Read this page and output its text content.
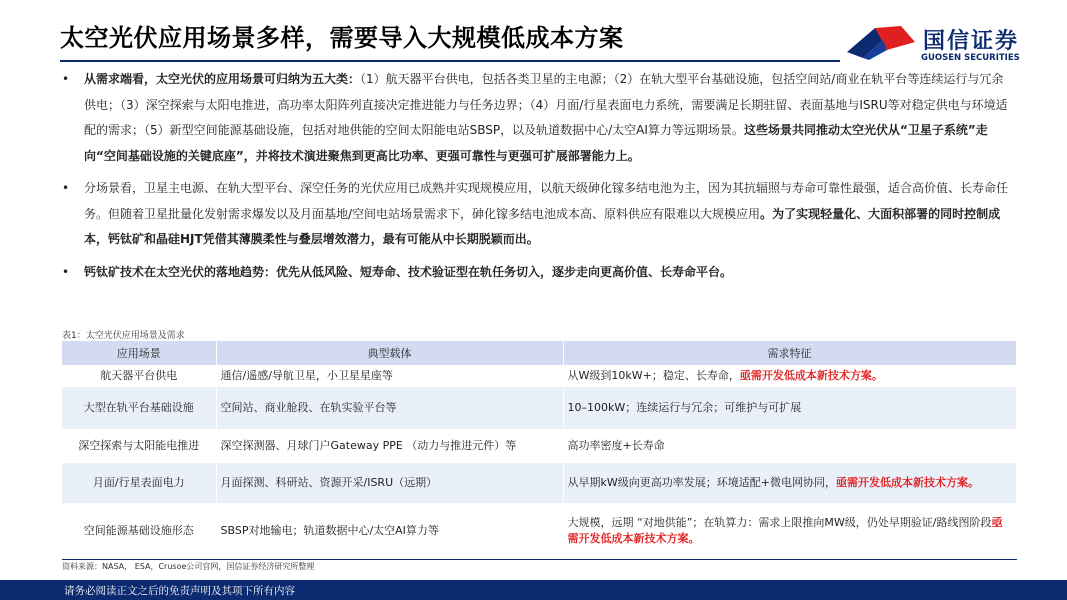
太空光伏应用场景多样，需要导入大规模低成本方案	国信证券
GUOSEN SECURITIES
• 从需求端看，太空光伏的应用场景可归纳为五大类：（1）航天器平台供电，包括各类卫星的主电源；（2）在轨大型平台基础设施，包括空间站/商业在轨平台等连续运行与冗余供电；（3）深空探索与太阳电推进，高功率太阳阵列直接决定推进能力与任务边界；（4）月面/行星表面电力系统，需要满足长期驻留、表面基地与ISRU等对稳定供电与环境适配的需求；（5）新型空间能源基础设施，包括对地供能的空间太阳能电站SBSP，以及轨道数据中心/太空AI算力等远期场景。这些场景共同推动太空光伏从“卫星子系统”走向“空间基础设施的关键底座”，并将技术演进聚焦到更高比功率、更强可靠性与更强可扩展部署能力上。
• 分场景看，卫星主电源、在轨大型平台、深空任务的光伏应用已成熟并实现规模应用，以航天级砷化镓多结电池为主，因为其抗辐照与寿命可靠性最强，适合高价值、长寿命任务。但随着卫星批量化发射需求爆发以及月面基地/空间电站场景需求下，砷化镓多结电池成本高、原料供应有限难以大规模应用。为了实现轻量化、大面积部署的同时控制成本，钙钛矿和晶硅HJT凭借其薄膜柔性与叠层增效潜力，最有可能从中长期脱颖而出。
• 钙钛矿技术在太空光伏的落地趋势：优先从低风险、短寿命、技术验证型在轨任务切入，逐步走向更高价值、长寿命平台。
表1：太空光伏应用场景及需求
应用场景	典型载体	需求特征
航天器平台供电	通信/遥感/导航卫星，小卫星星座等	从W级到10kW+；稳定、长寿命，亟需开发低成本新技术方案。
大型在轨平台基础设施	空间站、商业舱段、在轨实验平台等	10–100kW；连续运行与冗余；可维护与可扩展
深空探索与太阳能电推进	深空探测器、月球门户Gateway PPE （动力与推进元件）等	高功率密度+长寿命
月面/行星表面电力	月面探测、科研站、资源开采/ISRU（远期）	从早期kW级向更高功率发展；环境适配+微电网协同，亟需开发低成本新技术方案。
空间能源基础设施形态	SBSP对地输电；轨道数据中心/太空AI算力等	大规模，远期 “对地供能”；在轨算力：需求上限推向MW级，仍处早期验证/路线图阶段亟需开发低成本新技术方案。
资料来源：NASA， ESA，Crusoe公司官网，国信证券经济研究所整理
请务必阅读正文之后的免责声明及其项下所有内容
